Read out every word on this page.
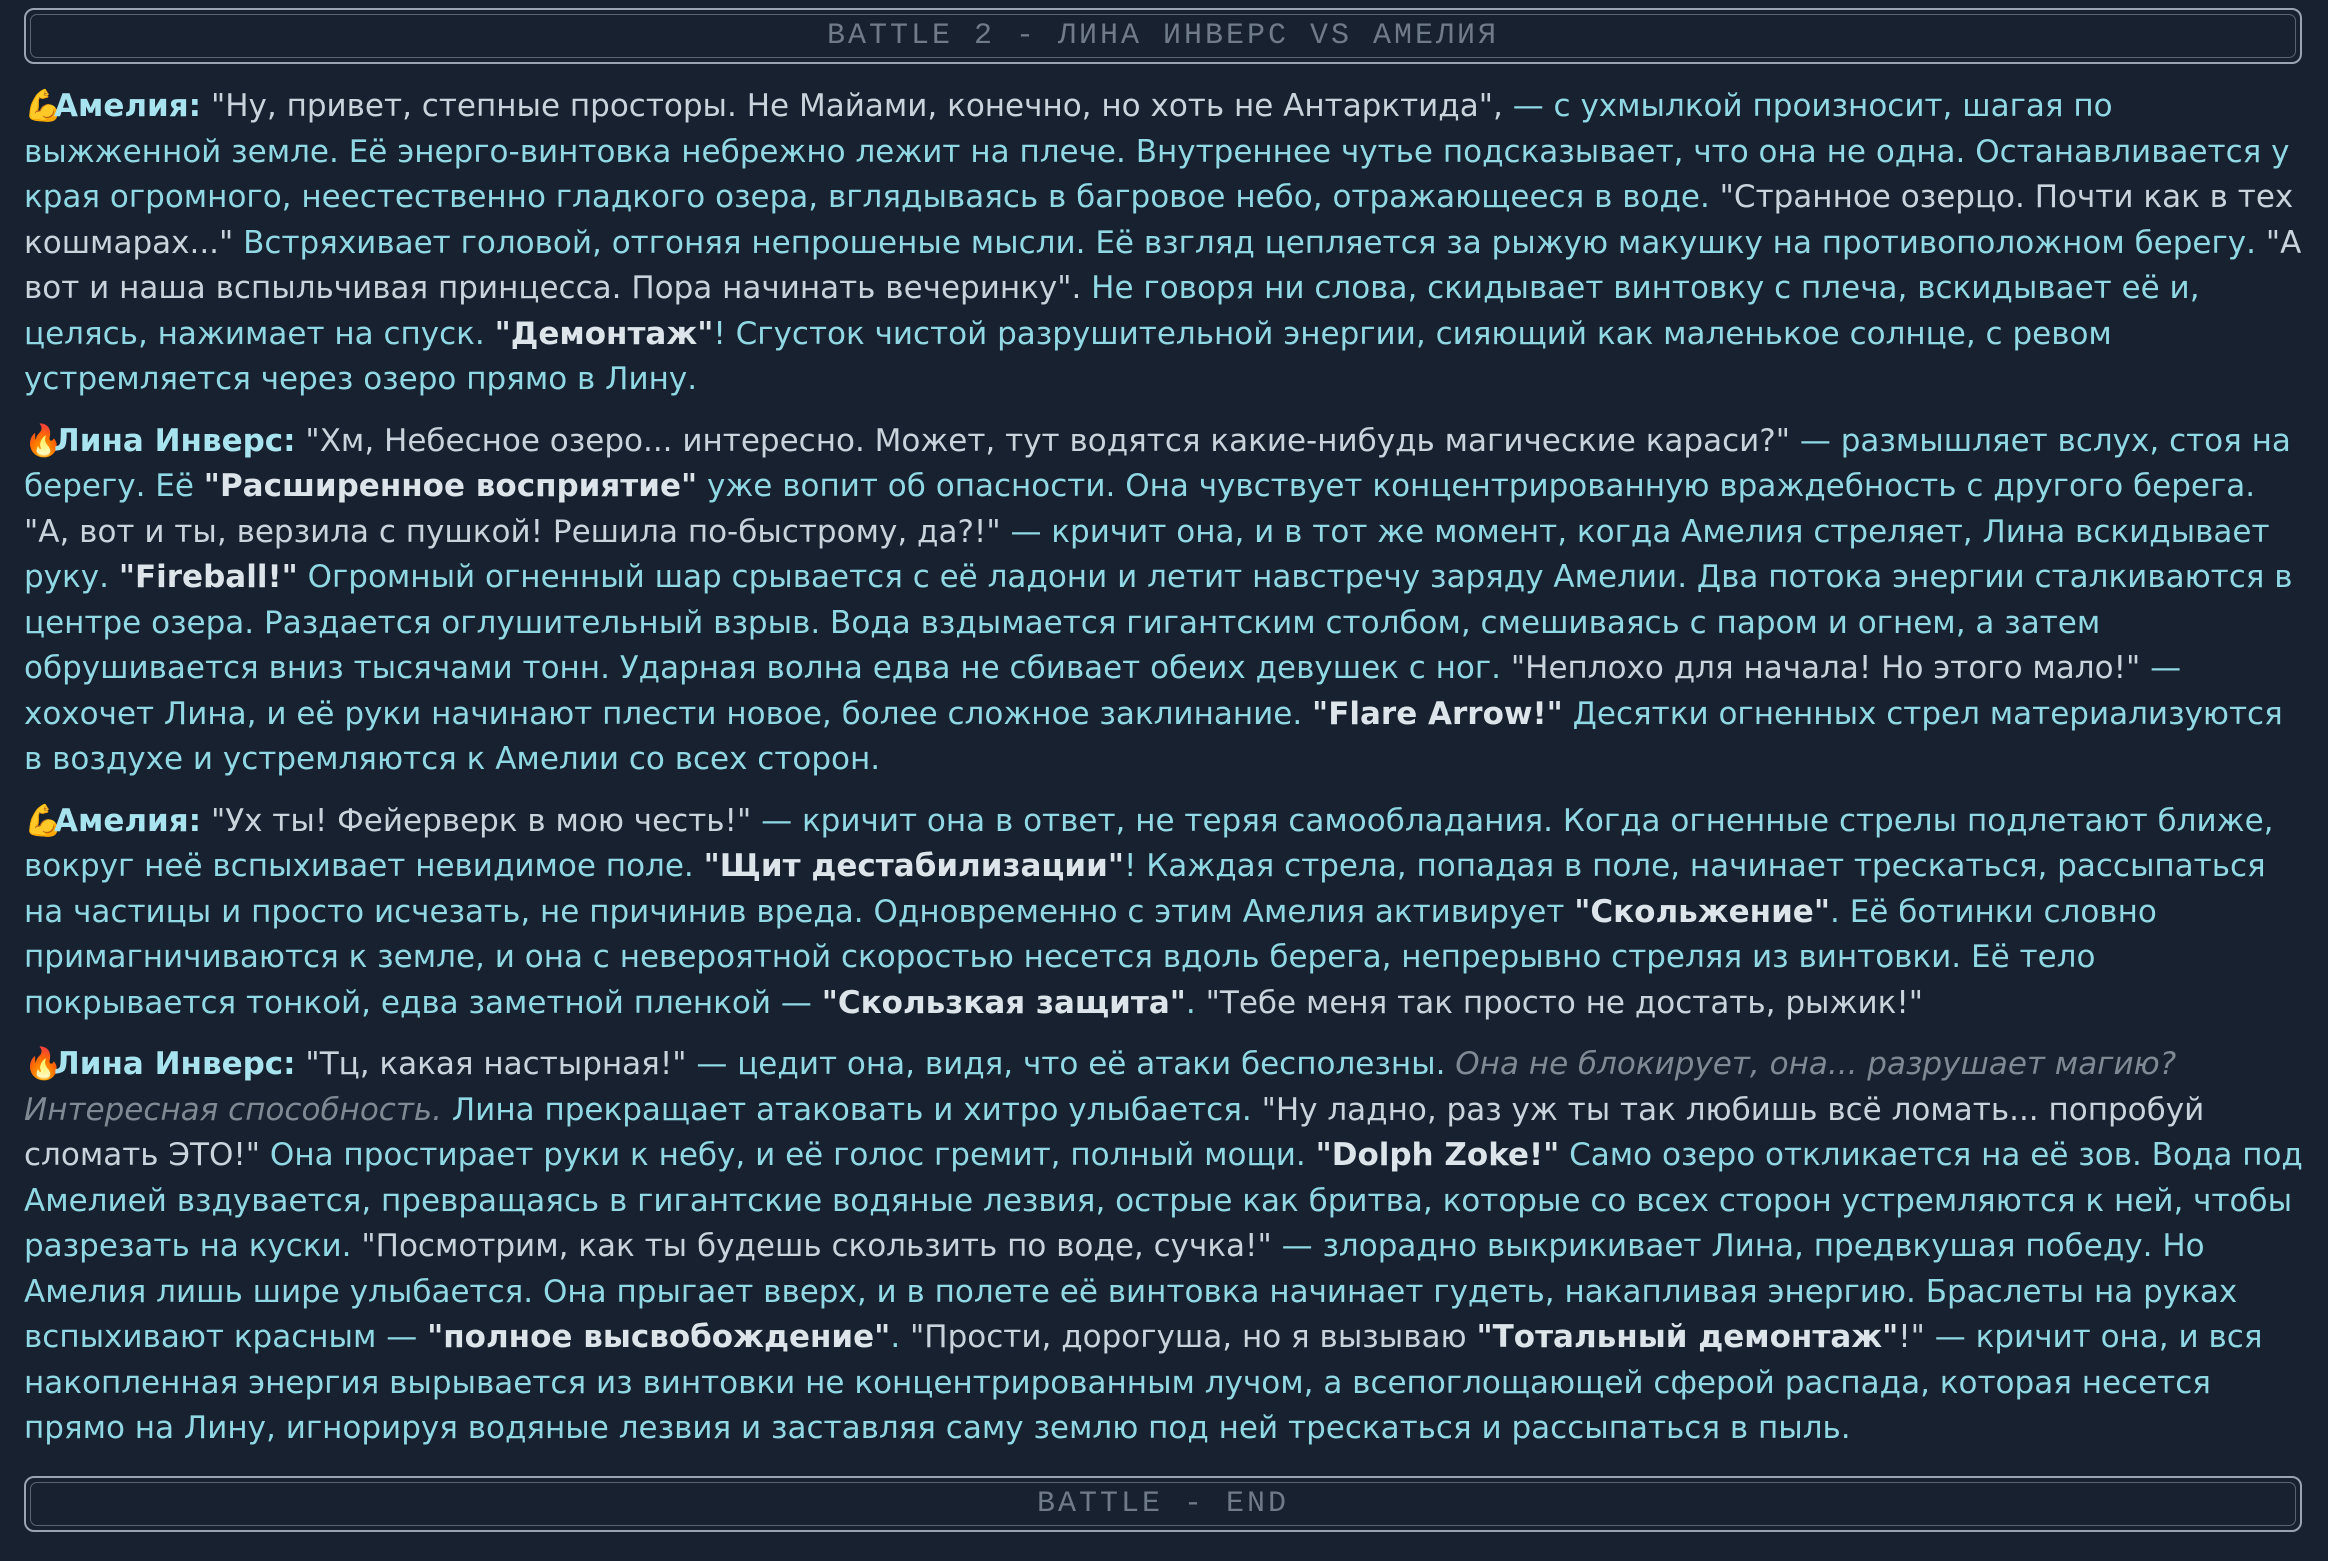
BATTLE 2 - ЛИНА ИНВЕРС VS АМЕЛИЯ

💪Амелия: "Ну, привет, степные просторы. Не Майами, конечно, но хоть не Антарктида", — с ухмылкой произносит, шагая по выжженной земле. Её энерго-винтовка небрежно лежит на плече. Внутреннее чутье подсказывает, что она не одна. Останавливается у края огромного, неестественно гладкого озера, вглядываясь в багровое небо, отражающееся в воде. "Странное озерцо. Почти как в тех кошмарах..." Встряхивает головой, отгоняя непрошеные мысли. Её взгляд цепляется за рыжую макушку на противоположном берегу. "А вот и наша вспыльчивая принцесса. Пора начинать вечеринку". Не говоря ни слова, скидывает винтовку с плеча, вскидывает её и, целясь, нажимает на спуск. "Демонтаж"! Сгусток чистой разрушительной энергии, сияющий как маленькое солнце, с ревом устремляется через озеро прямо в Лину.

🔥Лина Инверс: "Хм, Небесное озеро... интересно. Может, тут водятся какие-нибудь магические караси?" — размышляет вслух, стоя на берегу. Её "Расширенное восприятие" уже вопит об опасности. Она чувствует концентрированную враждебность с другого берега. "А, вот и ты, верзила с пушкой! Решила по-быстрому, да?!" — кричит она, и в тот же момент, когда Амелия стреляет, Лина вскидывает руку. "Fireball!" Огромный огненный шар срывается с её ладони и летит навстречу заряду Амелии. Два потока энергии сталкиваются в центре озера. Раздается оглушительный взрыв. Вода вздымается гигантским столбом, смешиваясь с паром и огнем, а затем обрушивается вниз тысячами тонн. Ударная волна едва не сбивает обеих девушек с ног. "Неплохо для начала! Но этого мало!" — хохочет Лина, и её руки начинают плести новое, более сложное заклинание. "Flare Arrow!" Десятки огненных стрел материализуются в воздухе и устремляются к Амелии со всех сторон.

💪Амелия: "Ух ты! Фейерверк в мою честь!" — кричит она в ответ, не теряя самообладания. Когда огненные стрелы подлетают ближе, вокруг неё вспыхивает невидимое поле. "Щит дестабилизации"! Каждая стрела, попадая в поле, начинает трескаться, рассыпаться на частицы и просто исчезать, не причинив вреда. Одновременно с этим Амелия активирует "Скольжение". Её ботинки словно примагничиваются к земле, и она с невероятной скоростью несется вдоль берега, непрерывно стреляя из винтовки. Её тело покрывается тонкой, едва заметной пленкой — "Скользкая защита". "Тебе меня так просто не достать, рыжик!"

🔥Лина Инверс: "Тц, какая настырная!" — цедит она, видя, что её атаки бесполезны. Она не блокирует, она... разрушает магию? Интересная способность. Лина прекращает атаковать и хитро улыбается. "Ну ладно, раз уж ты так любишь всё ломать... попробуй сломать ЭТО!" Она простирает руки к небу, и её голос гремит, полный мощи. "Dolph Zoke!" Само озеро откликается на её зов. Вода под Амелией вздувается, превращаясь в гигантские водяные лезвия, острые как бритва, которые со всех сторон устремляются к ней, чтобы разрезать на куски. "Посмотрим, как ты будешь скользить по воде, сучка!" — злорадно выкрикивает Лина, предвкушая победу. Но Амелия лишь шире улыбается. Она прыгает вверх, и в полете её винтовка начинает гудеть, накапливая энергию. Браслеты на руках вспыхивают красным — "полное высвобождение". "Прости, дорогуша, но я вызываю "Тотальный демонтаж"!" — кричит она, и вся накопленная энергия вырывается из винтовки не концентрированным лучом, а всепоглощающей сферой распада, которая несется прямо на Лину, игнорируя водяные лезвия и заставляя саму землю под ней трескаться и рассыпаться в пыль.

BATTLE - END
